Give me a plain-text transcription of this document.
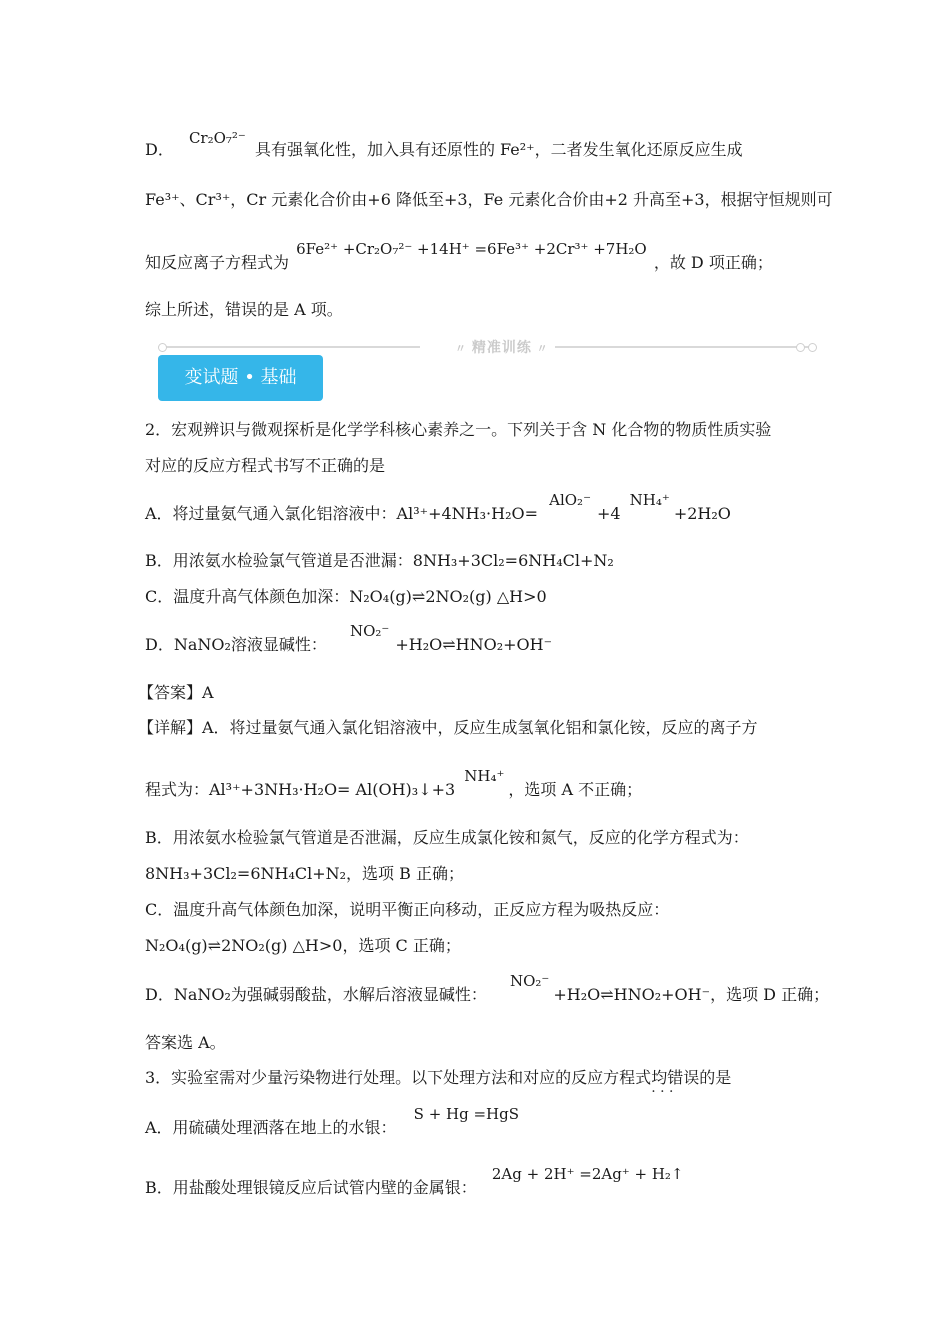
D． Cr₂O₇²⁻ 具有强氧化性，加入具有还原性的 Fe²⁺，二者发生氧化还原反应生成
Fe³⁺、Cr³⁺，Cr 元素化合价由+6 降低至+3，Fe 元素化合价由+2 升高至+3，根据守恒规则可
知反应离子方程式为 6Fe²⁺ +Cr₂O₇²⁻ +14H⁺ =6Fe³⁺ +2Cr³⁺ +7H₂O ，故 D 项正确；
综上所述，错误的是 A 项。
〃 精准训练 〃
变试题 • 基础
2．宏观辨识与微观探析是化学学科核心素养之一。下列关于含 N 化合物的物质性质实验
对应的反应方程式书写不正确的是
A．将过量氨气通入氯化铝溶液中：Al³⁺+4NH₃·H₂O= AlO₂⁻+4 NH₄⁺+2H₂O
B．用浓氨水检验氯气管道是否泄漏：8NH₃+3Cl₂=6NH₄Cl+N₂
C．温度升高气体颜色加深：N₂O₄(g)⇌2NO₂(g) △H>0
D．NaNO₂溶液显碱性： NO₂⁻+H₂O⇌HNO₂+OH⁻
【答案】A
【详解】A．将过量氨气通入氯化铝溶液中，反应生成氢氧化铝和氯化铵，反应的离子方
程式为：Al³⁺+3NH₃·H₂O= Al(OH)₃↓+3 NH₄⁺，选项 A 不正确；
B．用浓氨水检验氯气管道是否泄漏，反应生成氯化铵和氮气，反应的化学方程式为：
8NH₃+3Cl₂=6NH₄Cl+N₂，选项 B 正确；
C．温度升高气体颜色加深，说明平衡正向移动，正反应方程为吸热反应：
N₂O₄(g)⇌2NO₂(g) △H>0，选项 C 正确；
D．NaNO₂为强碱弱酸盐，水解后溶液显碱性： NO₂⁻+H₂O⇌HNO₂+OH⁻，选项 D 正确；
答案选 A。
3．实验室需对少量污染物进行处理。以下处理方法和对应的反应方程式均错误 · · ·的是
A．用硫磺处理洒落在地上的水银： S + Hg =HgS
B．用盐酸处理银镜反应后试管内壁的金属银： 2Ag + 2H⁺ =2Ag⁺ + H₂↑
